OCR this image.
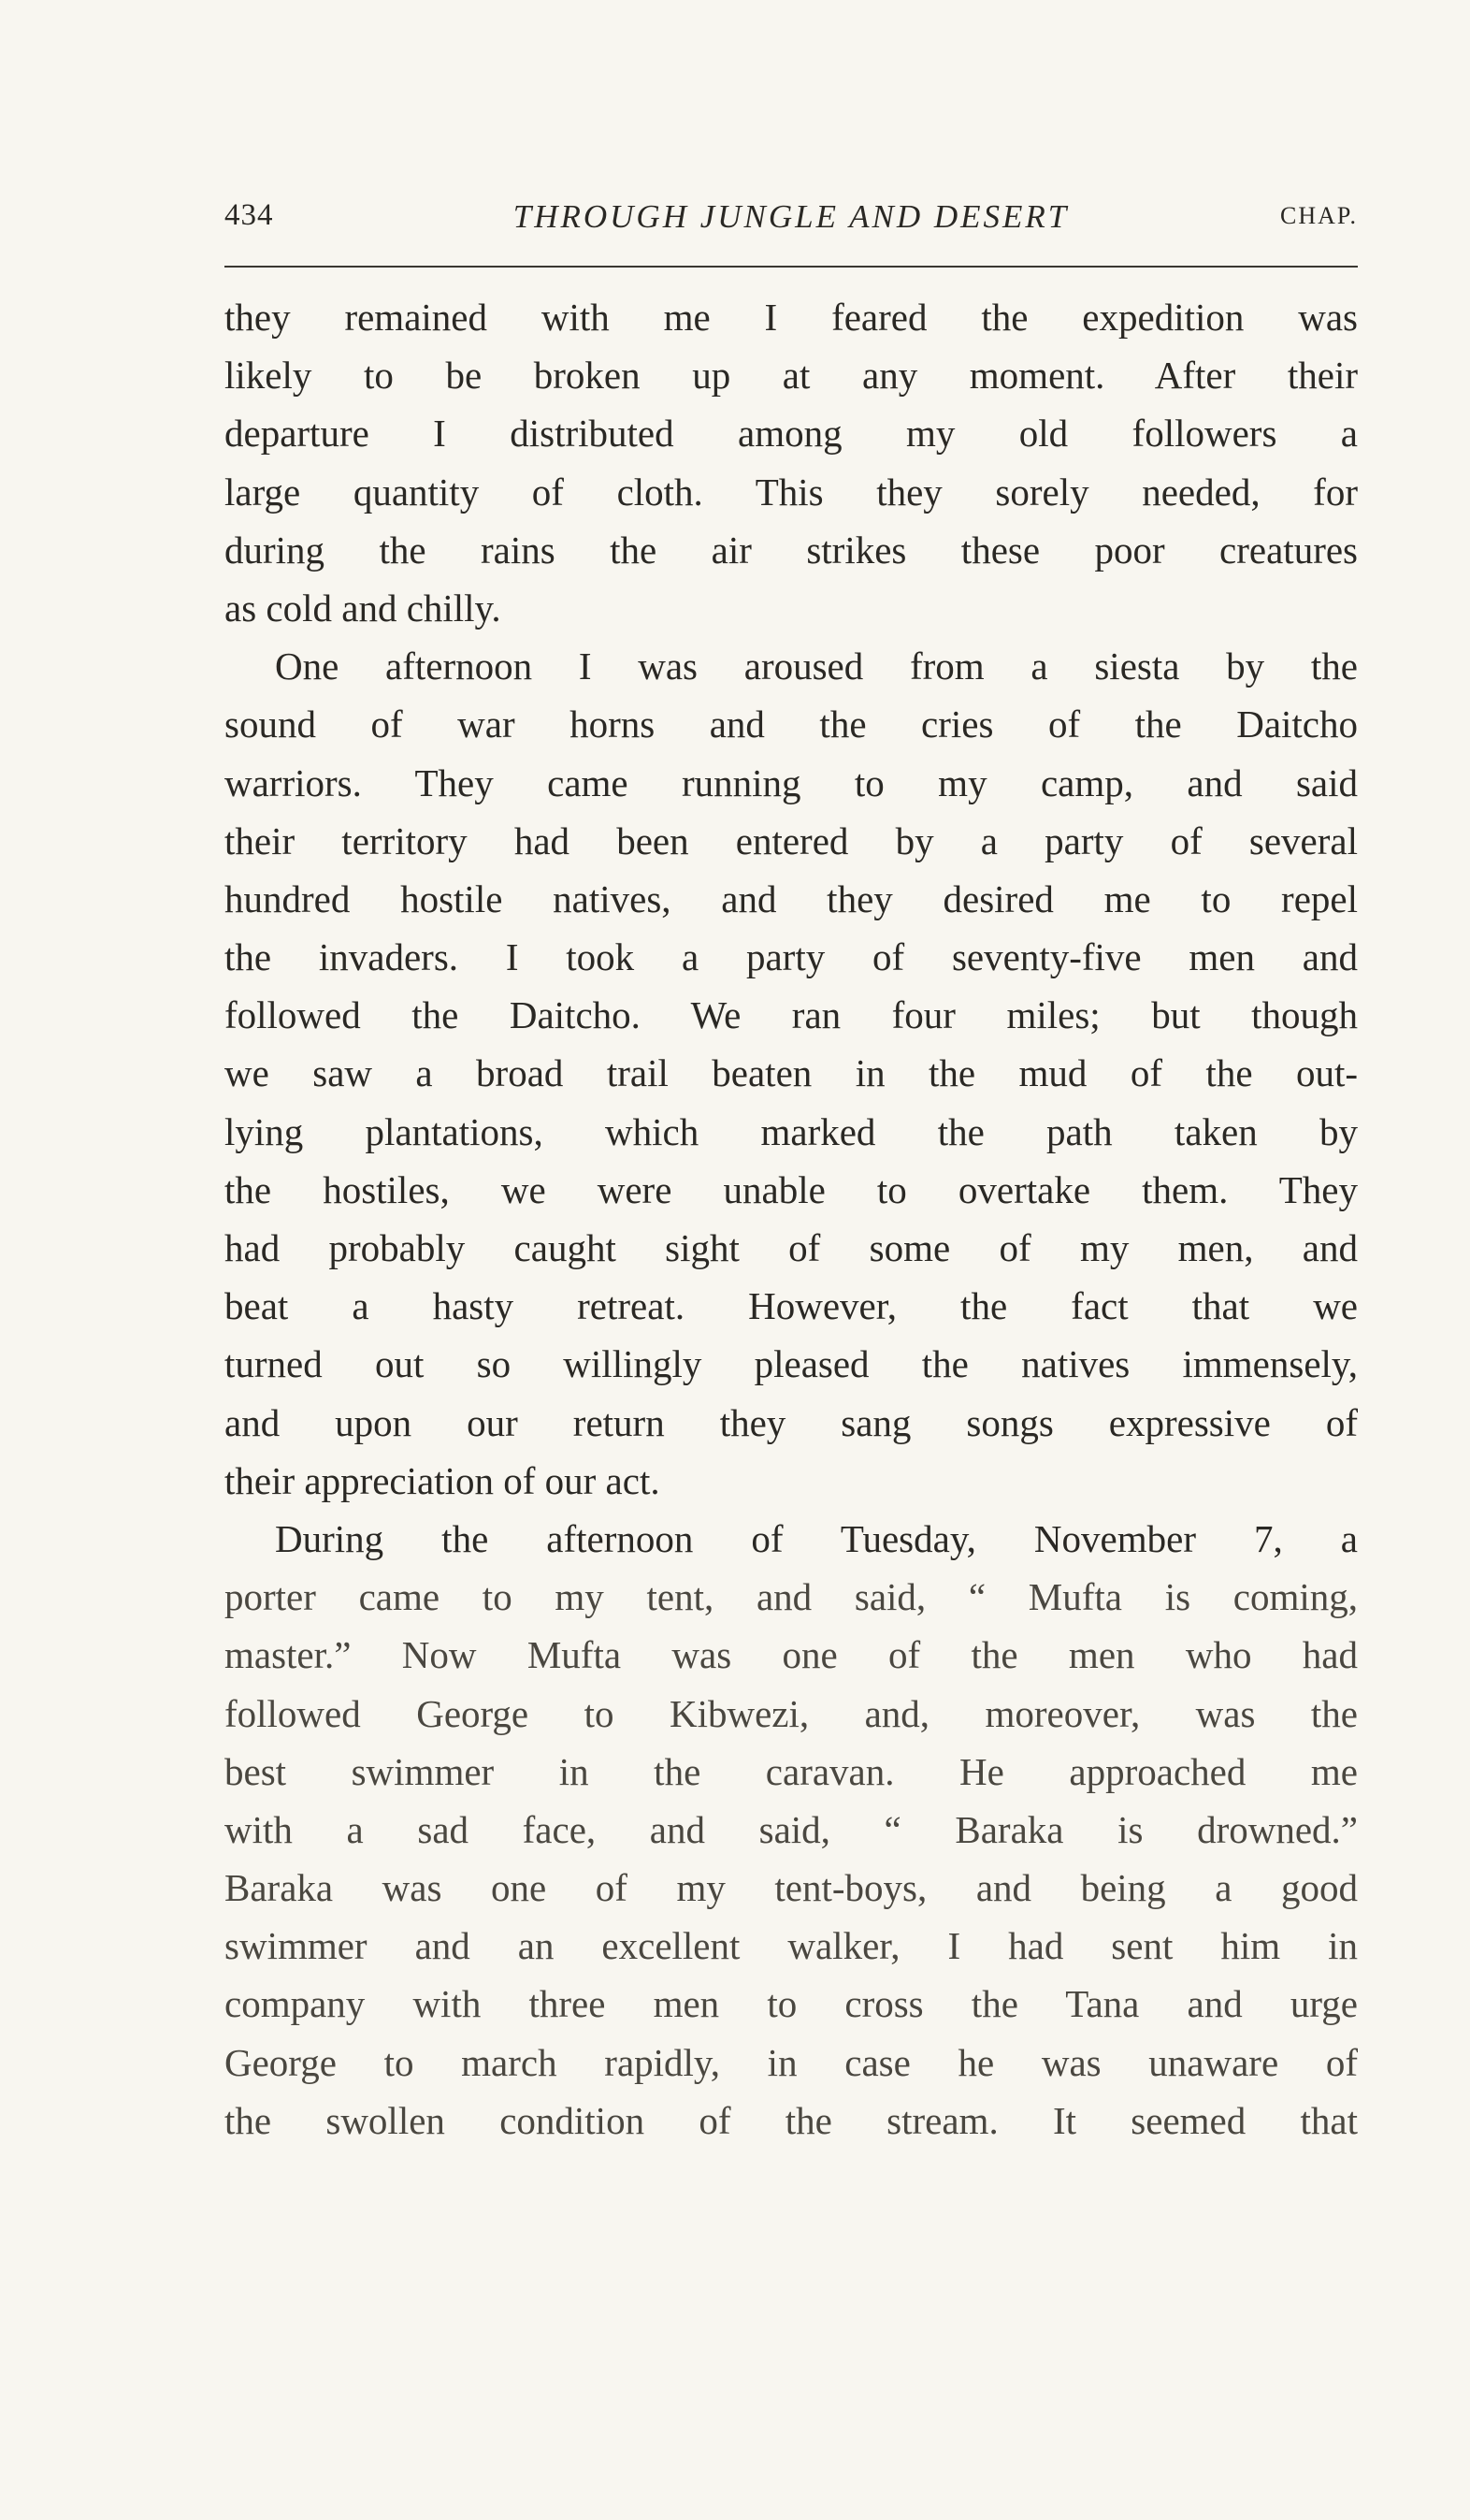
434	THROUGH JUNGLE AND DESERT	CHAP.
they remained with me I feared the expedition was
likely to be broken up at any moment. After their
departure I distributed among my old followers a
large quantity of cloth. This they sorely needed, for
during the rains the air strikes these poor creatures
as cold and chilly.
One afternoon I was aroused from a siesta by the
sound of war horns and the cries of the Daitcho
warriors. They came running to my camp, and said
their territory had been entered by a party of several
hundred hostile natives, and they desired me to repel
the invaders. I took a party of seventy-five men and
followed the Daitcho. We ran four miles; but though
we saw a broad trail beaten in the mud of the out-
lying plantations, which marked the path taken by
the hostiles, we were unable to overtake them. They
had probably caught sight of some of my men, and
beat a hasty retreat. However, the fact that we
turned out so willingly pleased the natives immensely,
and upon our return they sang songs expressive of
their appreciation of our act.
During the afternoon of Tuesday, November 7, a
porter came to my tent, and said, “ Mufta is coming,
master.” Now Mufta was one of the men who had
followed George to Kibwezi, and, moreover, was the
best swimmer in the caravan. He approached me
with a sad face, and said, “ Baraka is drowned.”
Baraka was one of my tent-boys, and being a good
swimmer and an excellent walker, I had sent him in
company with three men to cross the Tana and urge
George to march rapidly, in case he was unaware of
the swollen condition of the stream. It seemed that
